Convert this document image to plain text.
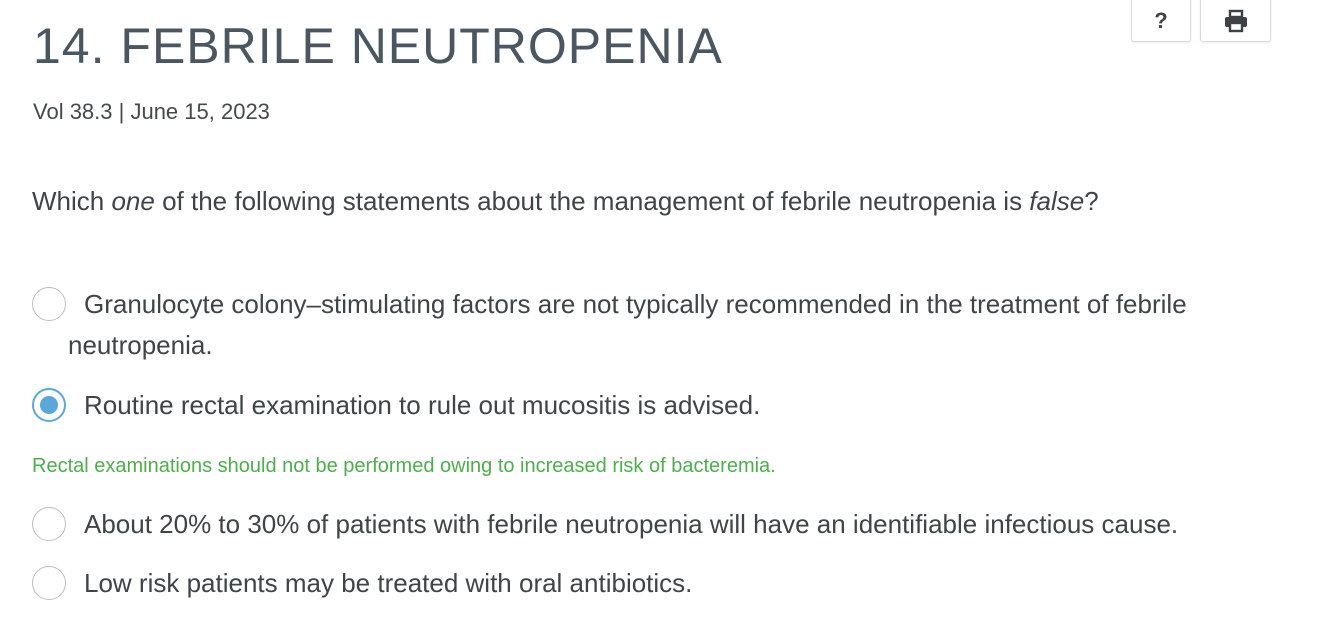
14. FEBRILE NEUTROPENIA
Vol 38.3 | June 15, 2023
?
Which one of the following statements about the management of febrile neutropenia is false?
Granulocyte colony–stimulating factors are not typically recommended in the treatment of febrile neutropenia.
Routine rectal examination to rule out mucositis is advised.
Rectal examinations should not be performed owing to increased risk of bacteremia.
About 20% to 30% of patients with febrile neutropenia will have an identifiable infectious cause.
Low risk patients may be treated with oral antibiotics.
